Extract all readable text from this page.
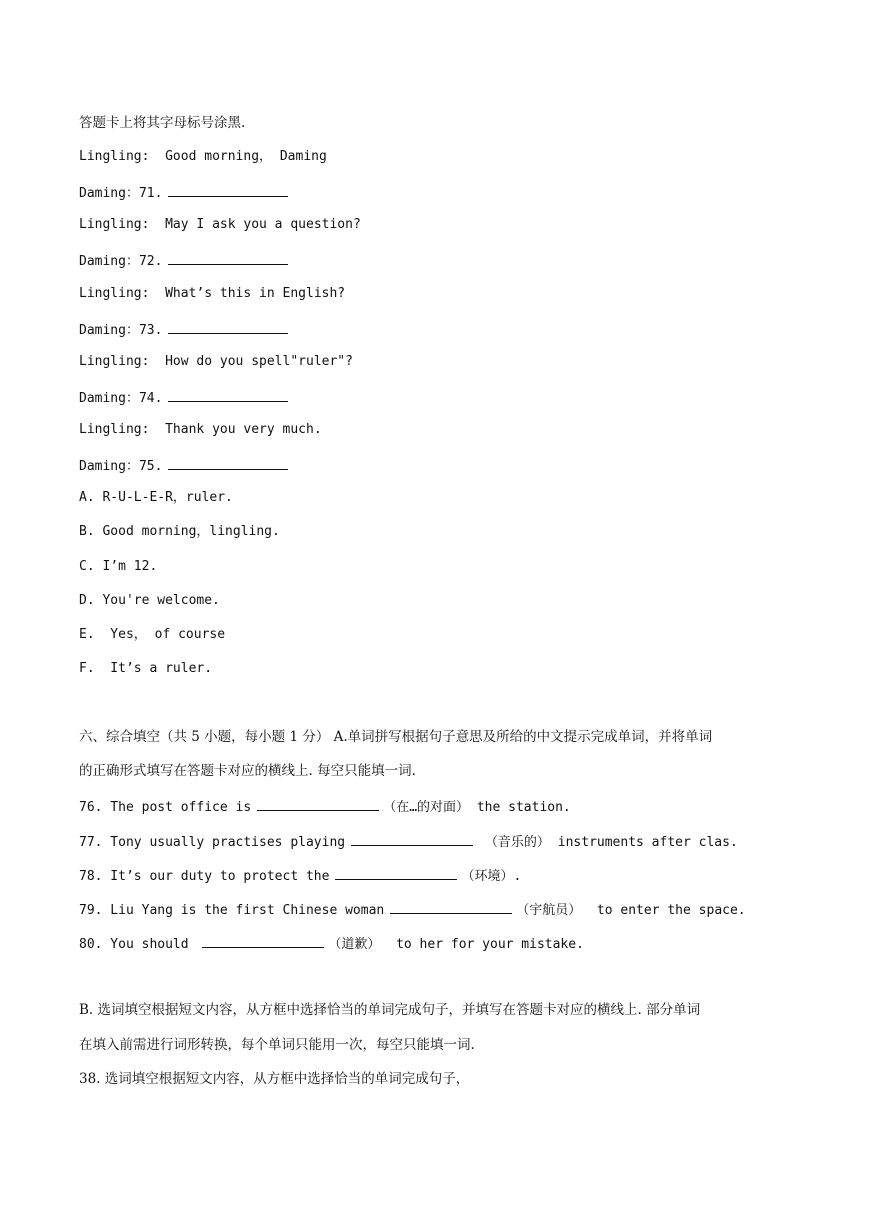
答题卡上将其字母标号涂黑.
Lingling: Good morning， Daming
Daming：71.
Lingling: May I ask you a question?
Daming：72.
Lingling: What’s this in English?
Daming：73.
Lingling: How do you spell"ruler"?
Daming：74.
Lingling: Thank you very much.
Daming：75.
A. R-U-L-E-R，ruler.
B. Good morning，lingling.
C. I’m 12.
D. You're welcome.
E.  Yes， of course
F.  It’s a ruler.
六、综合填空（共 5 小题，每小题 1 分） A.单词拼写根据句子意思及所给的中文提示完成单词，并将单词
的正确形式填写在答题卡对应的横线上. 每空只能填一词.
76. The post office is	（在…的对面） the station.
77. Tony usually practises playing	（音乐的） instruments after clas.
78. It’s our duty to protect the	（环境）.
79. Liu Yang is the first Chinese woman	（宇航员）  to enter the space.
80. You should	（道歉）  to her for your mistake.
B. 选词填空根据短文内容，从方框中选择恰当的单词完成句子，并填写在答题卡对应的横线上. 部分单词
在填入前需进行词形转换，每个单词只能用一次，每空只能填一词.
38. 选词填空根据短文内容，从方框中选择恰当的单词完成句子，
